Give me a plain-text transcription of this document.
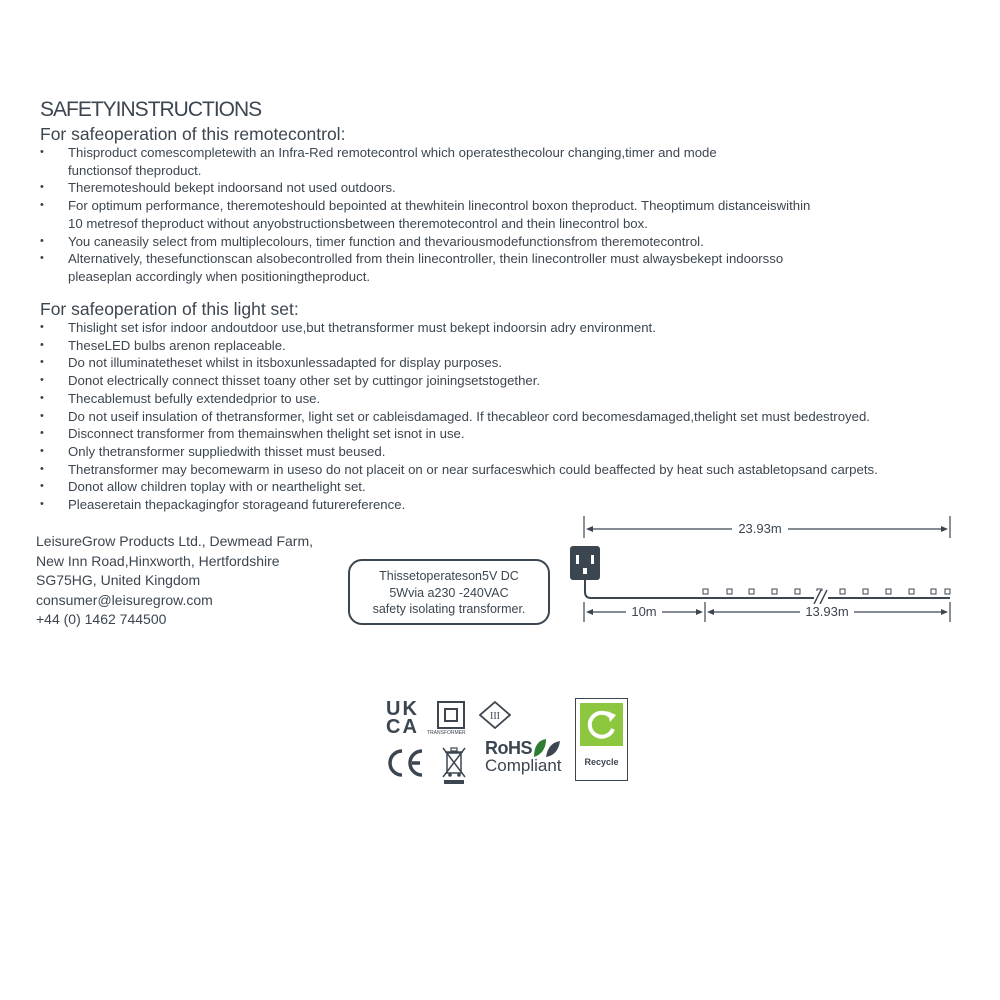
SAFETYINSTRUCTIONS
For safeoperation of this remotecontrol:
• Thisproduct comescompletewith an Infra-Red remotecontrol which operatesthecolour changing,timer and mode functionsof theproduct.
• Theremoteshould bekept indoorsand not used outdoors.
• For optimum performance, theremoteshould bepointed at thewhitein linecontrol boxon theproduct. Theoptimum distanceiswithin 10 metresof theproduct without anyobstructionsbetween theremotecontrol and thein linecontrol box.
• You caneasily select from multiplecolours, timer function and thevariousmodefunctionsfrom theremotecontrol.
• Alternatively, thesefunctionscan alsobecontrolled from thein linecontroller, thein linecontroller must alwaysbekept indoorsso pleaseplan accordingly when positioningtheproduct.
For safeoperation of this light set:
• Thislight set isfor indoor andoutdoor use,but thetransformer must bekept indoorsin adry environment.
• TheseLED bulbs arenon replaceable.
• Do not illuminatetheset whilst in itsboxunlessadapted for display purposes.
• Donot electrically connect thisset toany other set by cuttingor joiningsetstogether.
• Thecablemust befully extendedprior to use.
• Do not useif insulation of thetransformer, light set or cableisdamaged. If thecableor cord becomesdamaged,thelight set must bedestroyed.
• Disconnect transformer from themainswhen thelight set isnot in use.
• Only thetransformer suppliedwith thisset must beused.
• Thetransformer may becomewarm in useso do not placeit on or near surfaceswhich could beaffected by heat such astabletopsand carpets.
• Donot allow children toplay with or nearthelight set.
• Pleaseretain thepackagingfor storageand futurereference.
LeisureGrow Products Ltd., Dewmead Farm,
New Inn Road,Hinxworth, Hertfordshire
SG75HG, United Kingdom
consumer@leisuregrow.com
+44 (0) 1462 744500
Thissetoperateson5V DC
5Wvia a230 -240VAC
safety isolating transformer.
23.93m
10m	13.93m
UK
CA	TRANSFORMER
III
RoHS
Compliant	Recycle
